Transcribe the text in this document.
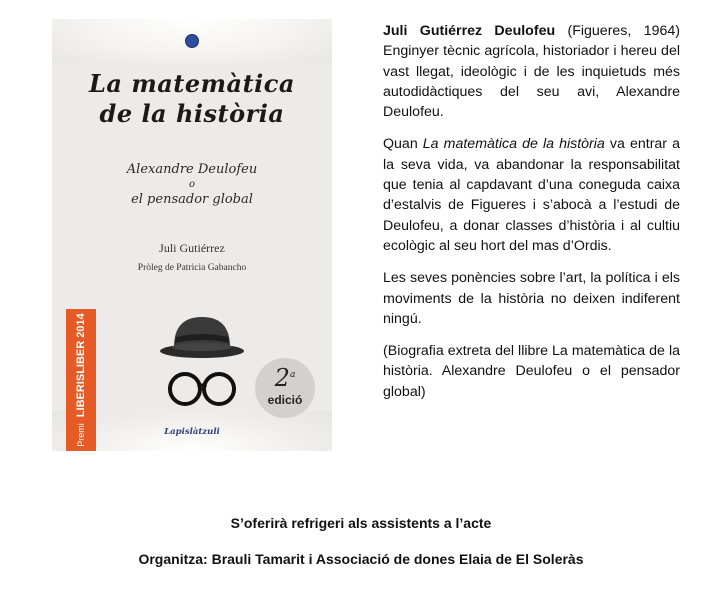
La matemàtica
de la història
Alexandre Deulofeu
o
el pensador global
Juli Gutiérrez
Pròleg de Patricia Gabancho
Premi
LIBERISLIBER 2014	2$^a$
edició
Lapislàtzuli

Juli Gutiérrez Deulofeu (Figueres, 1964) Enginyer tècnic agrícola, historiador i hereu del vast llegat, ideològic i de les inquietuds més autodidàctiques del seu avi, Alexandre Deulofeu.

Quan La matemàtica de la història va entrar a la seva vida, va abandonar la responsabilitat que tenia al capdavant d’una coneguda caixa d’estalvis de Figueres i s’abocà a l’estudi de Deulofeu, a donar classes d’història i al cultiu ecològic al seu hort del mas d’Ordis.

Les seves ponències sobre l’art, la política i els moviments de la història no deixen indiferent ningú.

(Biografia extreta del llibre La matemàtica de la història. Alexandre Deulofeu o el pensador global)

S’oferirà refrigeri als assistents a l’acte
Organitza: Brauli Tamarit i Associació de dones Elaia de El Soleràs
